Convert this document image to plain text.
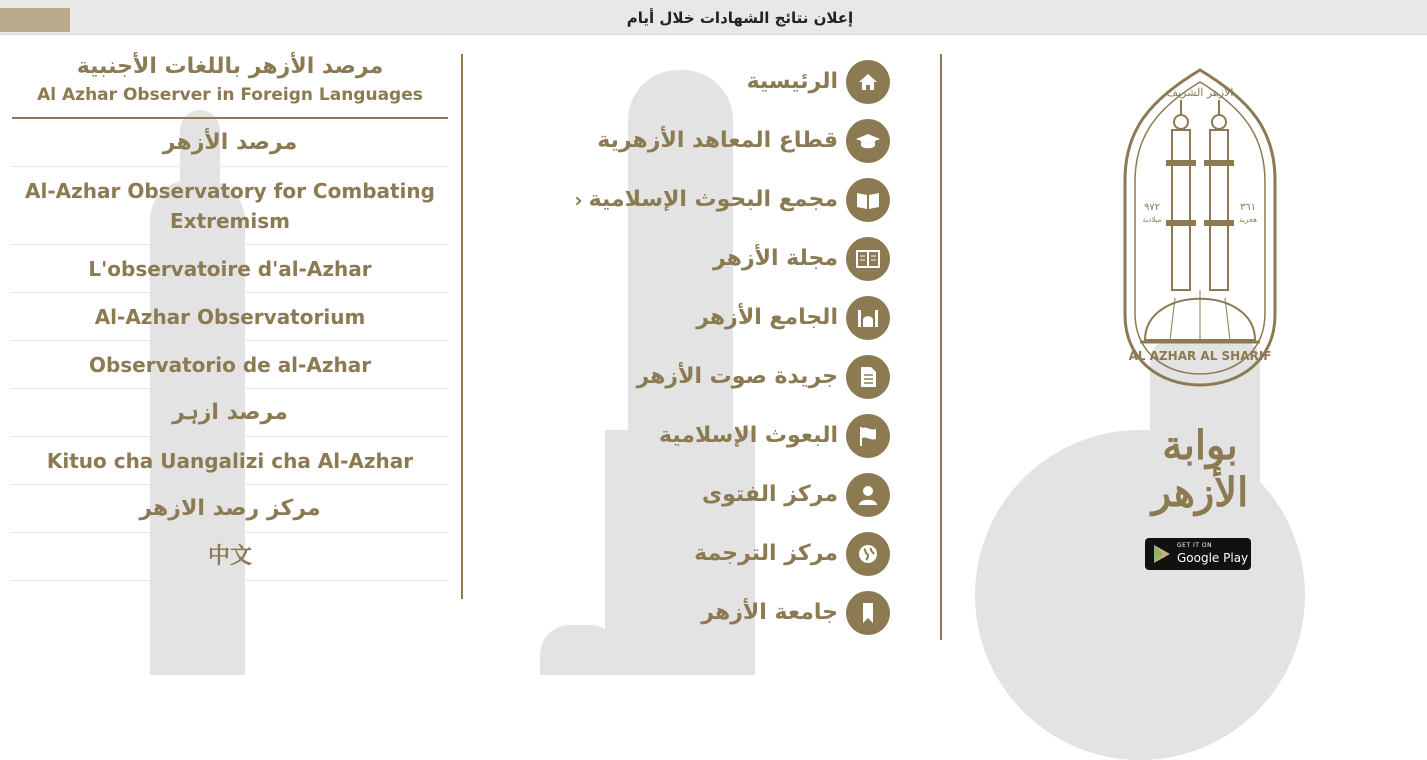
إعلان نتائج الشهادات خلال أيام
الأزهر الشريف
AL AZHAR AL SHARIF
٩٧٢
ميلادية
٣٦١
هجرية
بوابة الأزهر
GET IT ON
Google Play
الرئيسية
قطاع المعاهد الأزهرية
› مجمع البحوث الإسلامية
مجلة الأزهر
الجامع الأزهر
جريدة صوت الأزهر
البعوث الإسلامية
مركز الفتوى
مركز الترجمة
جامعة الأزهر
مرصد الأزهر باللغات الأجنبية
Al Azhar Observer in Foreign Languages
مرصد الأزهر
Al-Azhar Observatory for Combating Extremism
L'observatoire d'al-Azhar
Al-Azhar Observatorium
Observatorio de al-Azhar
مرصد ازہر
Kituo cha Uangalizi cha Al-Azhar
مرکز رصد الازهر
中文
